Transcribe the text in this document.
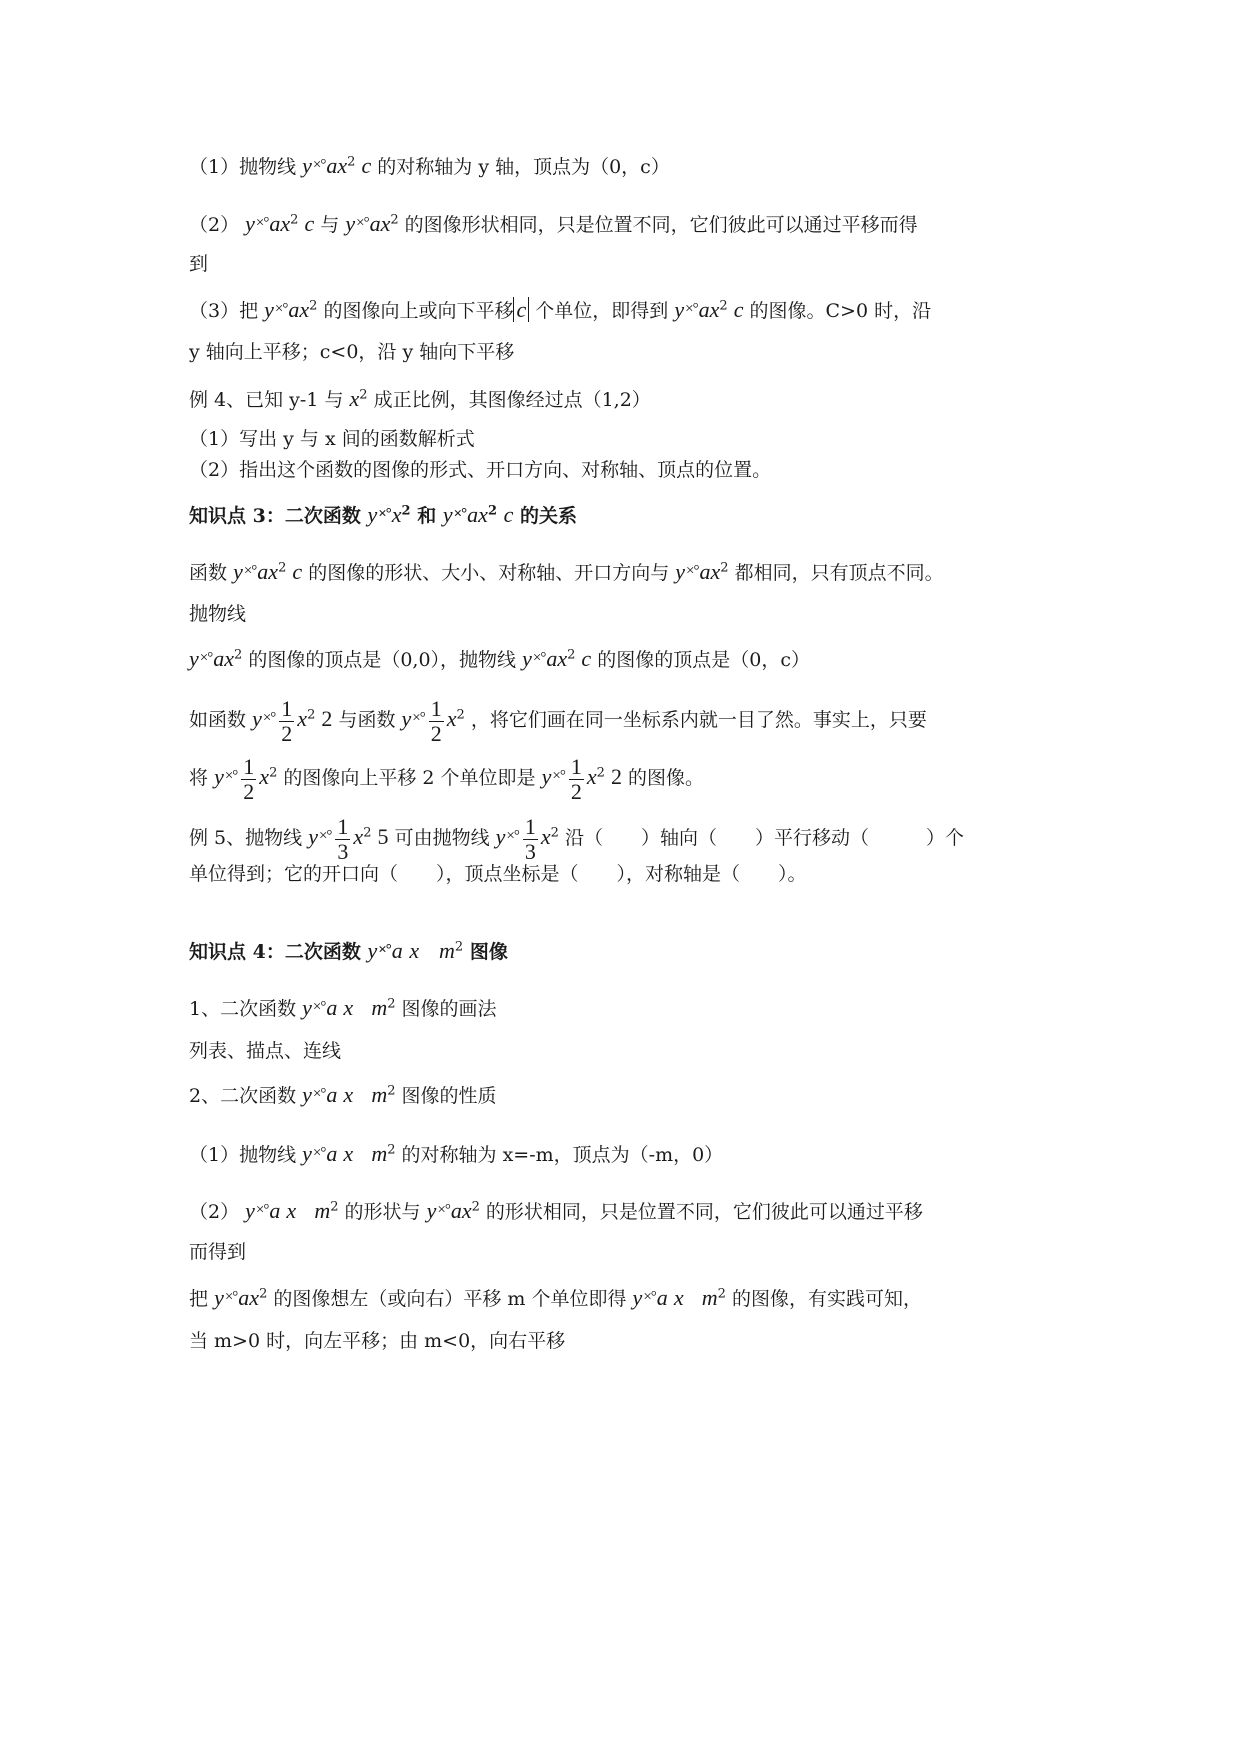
（1）抛物线 $y^{\times^\circ}ax^2$ c 的对称轴为 y 轴，顶点为（0，c）
（2） $y^{\times^\circ}ax^2$ c 与 $y^{\times^\circ}ax^2$ 的图像形状相同，只是位置不同，它们彼此可以通过平移而得
到
（3）把 $y^{\times^\circ}ax^2$ 的图像向上或向下平移 c 个单位，即得到 $y^{\times^\circ}ax^2$ c 的图像。C>0 时，沿
y 轴向上平移；c<0，沿 y 轴向下平移
例 4、已知 y-1 与 $x^2$ 成正比例，其图像经过点（1,2）
（1）写出 y 与 x 间的函数解析式
（2）指出这个函数的图像的形式、开口方向、对称轴、顶点的位置。
知识点 3：二次函数 $y^{\times^\circ}x^2$ 和 $y^{\times^\circ}ax^2$ c 的关系
函数 $y^{\times^\circ}ax^2$ c 的图像的形状、大小、对称轴、开口方向与 $y^{\times^\circ}ax^2$ 都相同，只有顶点不同。
抛物线
$y^{\times^\circ}ax^2$ 的图像的顶点是（0,0），抛物线 $y^{\times^\circ}ax^2$ c 的图像的顶点是（0，c）
如函数 $y^{\times^\circ} \frac{1}{2} x^2$ 2 与函数 $y^{\times^\circ} \frac{1}{2} x^2$ ，将它们画在同一坐标系内就一目了然。事实上，只要
将 $y^{\times^\circ} \frac{1}{2} x^2$ 的图像向上平移 2 个单位即是 $y^{\times^\circ} \frac{1}{2} x^2$ 2 的图像。
例 5、抛物线 $y^{\times^\circ} \frac{1}{3} x^2$ 5 可由抛物线 $y^{\times^\circ} \frac{1}{3} x^2$ 沿（　　）轴向（　　）平行移动（　　　）个
单位得到；它的开口向（　　），顶点坐标是（　　），对称轴是（　　）。
知识点 4：二次函数 y×°a x $m^2$ 图像
1、二次函数 y×°a x $m^2$ 图像的画法
列表、描点、连线
2、二次函数 y×°a x $m^2$ 图像的性质
（1）抛物线 y×°a x $m^2$ 的对称轴为 x=-m，顶点为（-m，0）
（2） y×°a x $m^2$ 的形状与 $y^{\times^\circ}ax^2$ 的形状相同，只是位置不同，它们彼此可以通过平移
而得到
把 $y^{\times^\circ}ax^2$ 的图像想左（或向右）平移 m 个单位即得 y×°a x $m^2$ 的图像，有实践可知，
当 m>0 时，向左平移；由 m<0，向右平移
